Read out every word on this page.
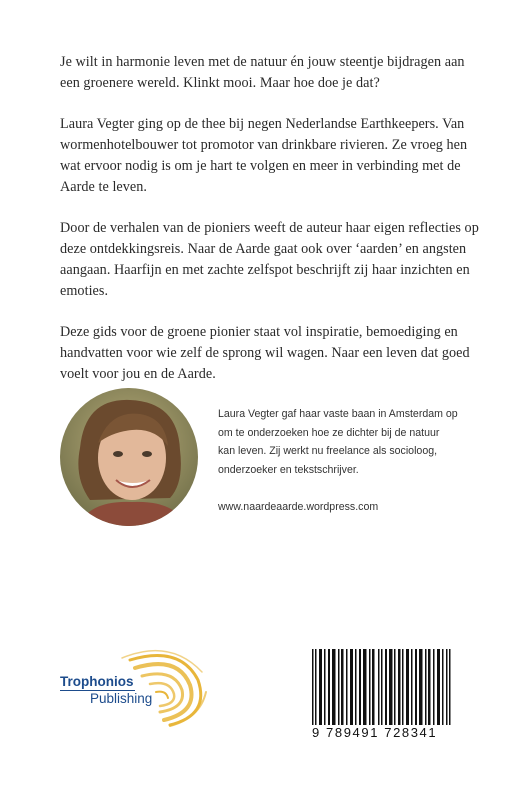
Je wilt in harmonie leven met de natuur én jouw steentje bijdragen aan een groenere wereld. Klinkt mooi. Maar hoe doe je dat?

Laura Vegter ging op de thee bij negen Nederlandse Earthkeepers. Van wormenhotelbouwer tot promotor van drinkbare rivieren. Ze vroeg hen wat ervoor nodig is om je hart te volgen en meer in verbinding met de Aarde te leven.

Door de verhalen van de pioniers weeft de auteur haar eigen reflecties op deze ontdekkingsreis. Naar de Aarde gaat ook over ‘aarden’ en angsten aangaan. Haarfijn en met zachte zelfspot beschrijft zij haar inzichten en emoties.

Deze gids voor de groene pionier staat vol inspiratie, bemoediging en handvatten voor wie zelf de sprong wil wagen. Naar een leven dat goed voelt voor jou en de Aarde.

Laura Vegter gaf haar vaste baan in Amsterdam op om te onderzoeken hoe ze dichter bij de natuur kan leven. Zij werkt nu freelance als socioloog, onderzoeker en tekstschrijver.
www.naardeaarde.wordpress.com
Trophonios
Publishing
9 789491 728341
